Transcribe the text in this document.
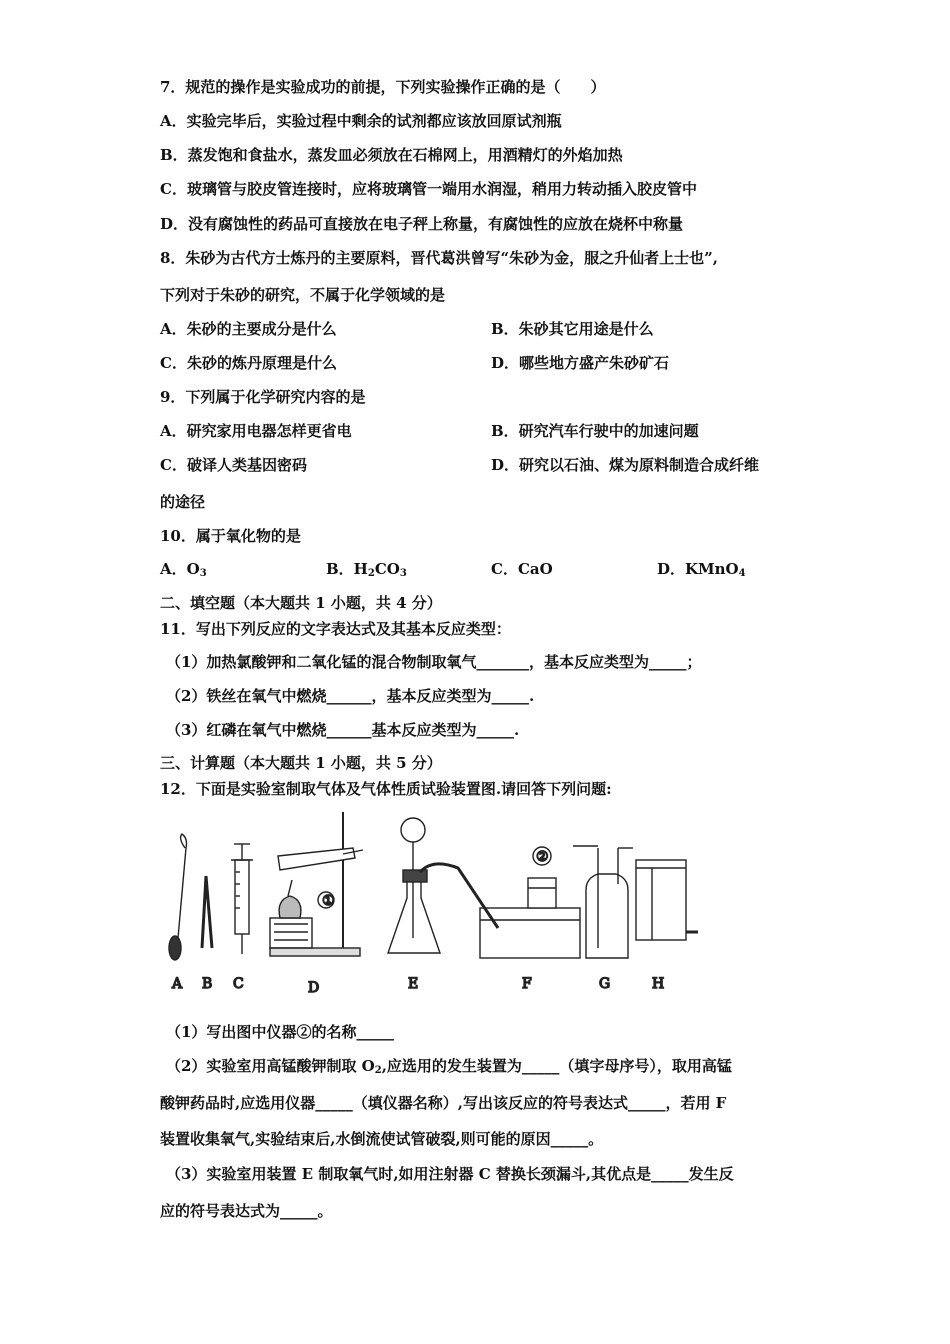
7．规范的操作是实验成功的前提，下列实验操作正确的是（　　）
A．实验完毕后，实验过程中剩余的试剂都应该放回原试剂瓶
B．蒸发饱和食盐水，蒸发皿必须放在石棉网上，用酒精灯的外焰加热
C．玻璃管与胶皮管连接时，应将玻璃管一端用水润湿，稍用力转动插入胶皮管中
D．没有腐蚀性的药品可直接放在电子秤上称量，有腐蚀性的应放在烧杯中称量
8．朱砂为古代方士炼丹的主要原料，晋代葛洪曾写“朱砂为金，服之升仙者上士也”,
下列对于朱砂的研究，不属于化学领域的是
A．朱砂的主要成分是什么	B．朱砂其它用途是什么
C．朱砂的炼丹原理是什么	D．哪些地方盛产朱砂矿石
9．下列属于化学研究内容的是
A．研究家用电器怎样更省电	B．研究汽车行驶中的加速问题
C．破译人类基因密码	D．研究以石油、煤为原料制造合成纤维
的途径
10．属于氧化物的是
A．$O_3$	B．$H_2CO_3$	C．CaO	D．KMnO$_4$
二、填空题（本大题共 1 小题，共 4 分）
11．写出下列反应的文字表达式及其基本反应类型：
（1）加热氯酸钾和二氧化锰的混合物制取氧气_______，基本反应类型为_____；
（2）铁丝在氧气中燃烧______，基本反应类型为_____.
（3）红磷在氧气中燃烧______基本反应类型为_____.
三、计算题（本大题共 1 小题，共 5 分）
12．下面是实验室制取气体及气体性质试验装置图.请回答下列问题:
①
②
A B C	D	E	F	G	H
（1）写出图中仪器②的名称_____
（2）实验室用高锰酸钾制取 $O_2$,应选用的发生装置为_____（填字母序号），取用高锰
酸钾药品时,应选用仪器_____（填仪器名称）,写出该反应的符号表达式_____，若用 F
装置收集氧气,实验结束后,水倒流使试管破裂,则可能的原因_____。
（3）实验室用装置 E 制取氧气时,如用注射器 C 替换长颈漏斗,其优点是_____发生反
应的符号表达式为_____。
